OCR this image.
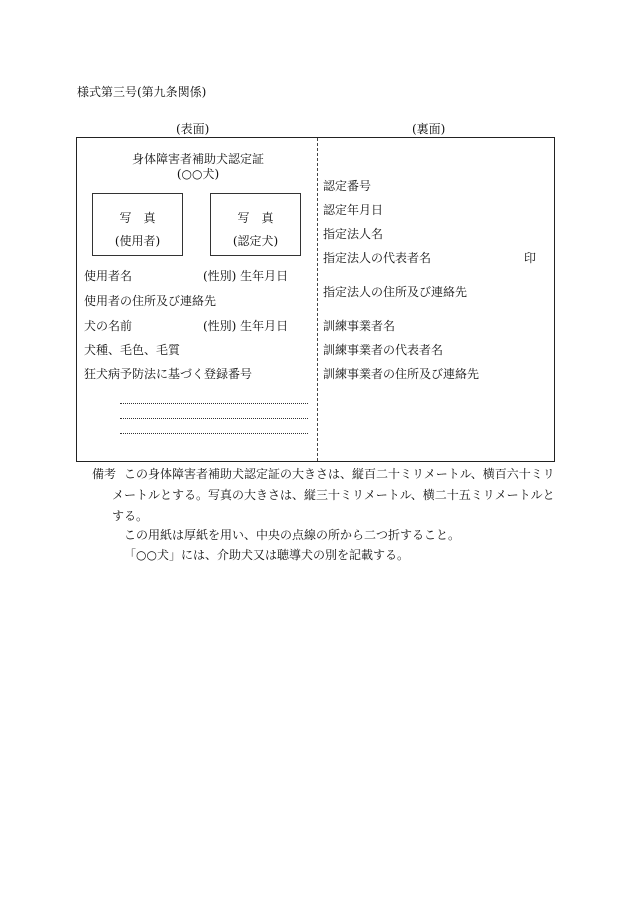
様式第三号(第九条関係)
(表面)	(裏面)
身体障害者補助犬認定証
(○○犬)
写真
(使用者)
写真
(認定犬)
使用者名	(性別) 生年月日
使用者の住所及び連絡先
犬の名前	(性別) 生年月日
犬種、毛色、毛質
狂犬病予防法に基づく登録番号
認定番号
認定年月日
指定法人名
指定法人の代表者名	印
指定法人の住所及び連絡先
訓練事業者名
訓練事業者の代表者名
訓練事業者の住所及び連絡先
備考 この身体障害者補助犬認定証の大きさは、縦百二十ミリメートル、横百六十ミリ
メートルとする。写真の大きさは、縦三十ミリメートル、横二十五ミリメートルと
する。
この用紙は厚紙を用い、中央の点線の所から二つ折すること。
「○○犬」には、介助犬又は聴導犬の別を記載する。
